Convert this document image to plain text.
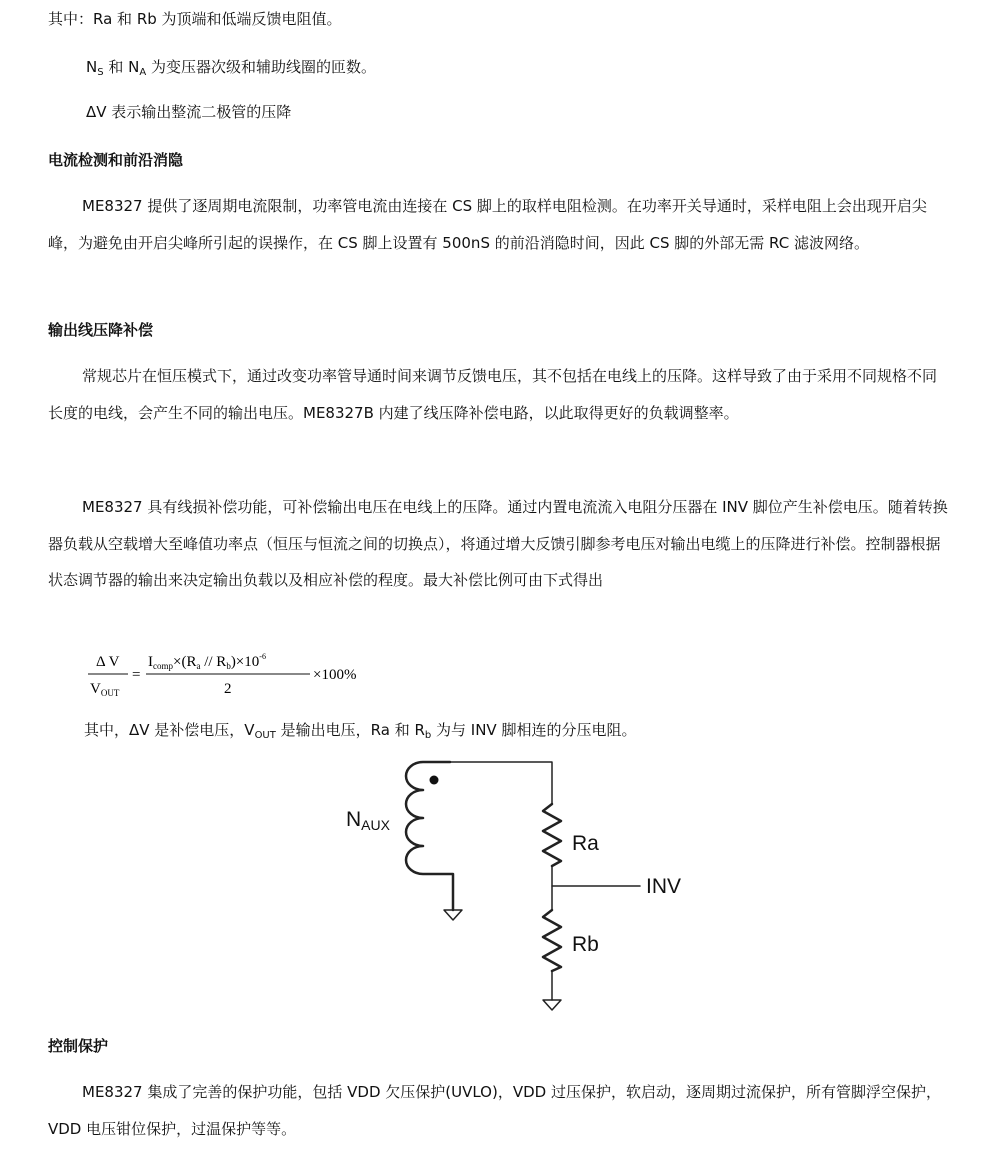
其中：Ra 和 Rb 为顶端和低端反馈电阻值。
$N_S$ 和 $N_A$ 为变压器次级和辅助线圈的匝数。
ΔV 表示输出整流二极管的压降
电流检测和前沿消隐
ME8327 提供了逐周期电流限制，功率管电流由连接在 CS 脚上的取样电阻检测。在功率开关导通时，采样电阻上会出现开启尖峰，为避免由开启尖峰所引起的误操作，在 CS 脚上设置有 500nS 的前沿消隐时间，因此 CS 脚的外部无需 RC 滤波网络。
输出线压降补偿
常规芯片在恒压模式下，通过改变功率管导通时间来调节反馈电压，其不包括在电线上的压降。这样导致了由于采用不同规格不同长度的电线，会产生不同的输出电压。ME8327B 内建了线压降补偿电路，以此取得更好的负载调整率。
ME8327 具有线损补偿功能，可补偿输出电压在电线上的压降。通过内置电流流入电阻分压器在 INV 脚位产生补偿电压。随着转换器负载从空载增大至峰值功率点（恒压与恒流之间的切换点），将通过增大反馈引脚参考电压对输出电缆上的压降进行补偿。控制器根据状态调节器的输出来决定输出负载以及相应补偿的程度。最大补偿比例可由下式得出
Δ V
$V_{OUT}$
=
$I_{comp}\times(R_a // R_b)\times 10^{-6}$
2
×100%
其中，ΔV 是补偿电压，$V_{OUT}$ 是输出电压，Ra 和 $R_b$ 为与 INV 脚相连的分压电阻。
NAUX
Ra
INV
Rb
控制保护
ME8327 集成了完善的保护功能，包括 VDD 欠压保护(UVLO)，VDD 过压保护，软启动，逐周期过流保护，所有管脚浮空保护，VDD 电压钳位保护，过温保护等等。
